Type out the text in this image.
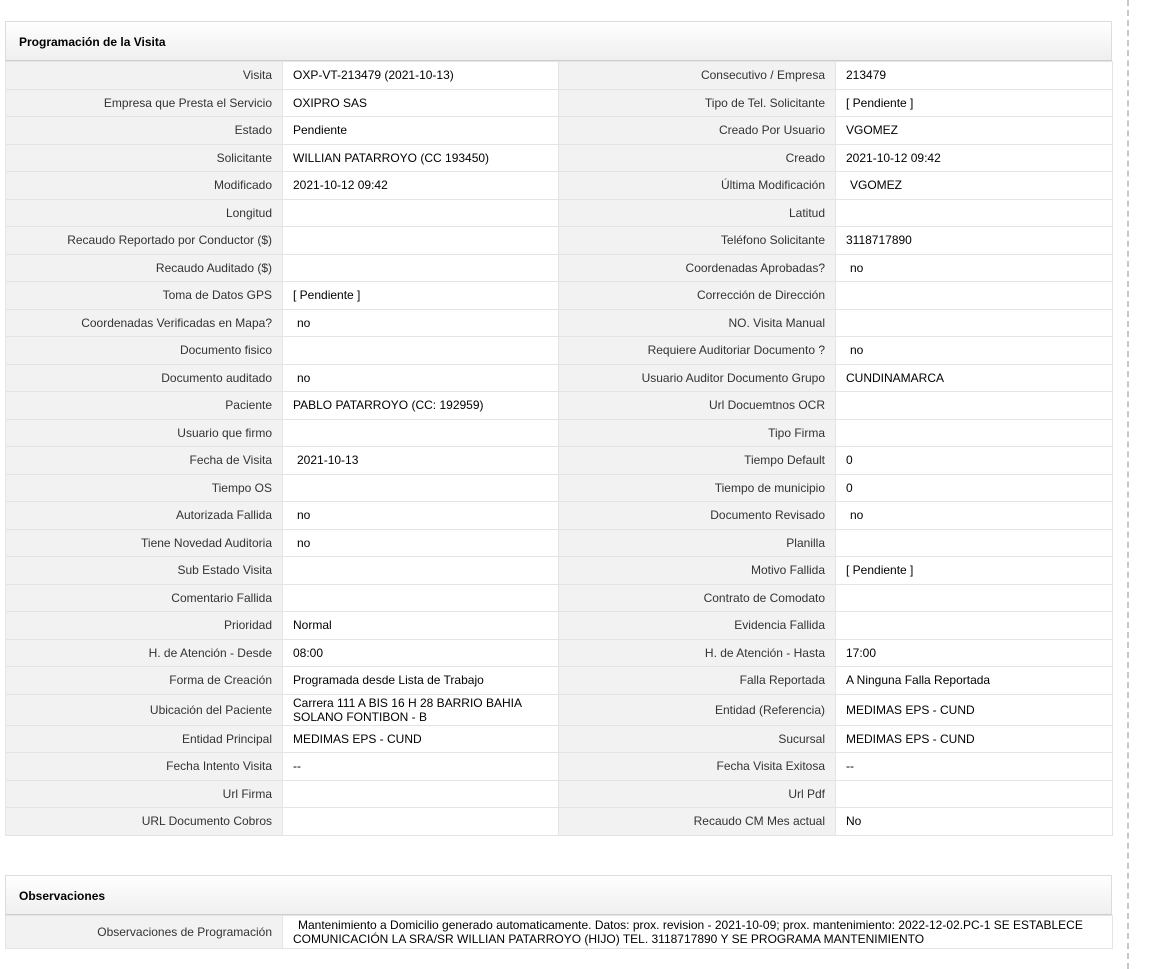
Programación de la Visita
Visita	OXP-VT-213479 (2021-10-13)	Consecutivo / Empresa	213479
Empresa que Presta el Servicio	OXIPRO SAS	Tipo de Tel. Solicitante	[ Pendiente ]
Estado	Pendiente	Creado Por Usuario	VGOMEZ
Solicitante	WILLIAN PATARROYO (CC 193450)	Creado	2021-10-12 09:42
Modificado	2021-10-12 09:42	Última Modificación	VGOMEZ
Longitud		Latitud	
Recaudo Reportado por Conductor ($)		Teléfono Solicitante	3118717890
Recaudo Auditado ($)		Coordenadas Aprobadas?	no
Toma de Datos GPS	[ Pendiente ]	Corrección de Dirección	
Coordenadas Verificadas en Mapa?	no	NO. Visita Manual	
Documento fisico		Requiere Auditoriar Documento ?	no
Documento auditado	no	Usuario Auditor Documento Grupo	CUNDINAMARCA
Paciente	PABLO PATARROYO (CC: 192959)	Url Docuemtnos OCR	
Usuario que firmo		Tipo Firma	
Fecha de Visita	2021-10-13	Tiempo Default	0
Tiempo OS		Tiempo de municipio	0
Autorizada Fallida	no	Documento Revisado	no
Tiene Novedad Auditoria	no	Planilla	
Sub Estado Visita		Motivo Fallida	[ Pendiente ]
Comentario Fallida		Contrato de Comodato	
Prioridad	Normal	Evidencia Fallida	
H. de Atención - Desde	08:00	H. de Atención - Hasta	17:00
Forma de Creación	Programada desde Lista de Trabajo	Falla Reportada	A Ninguna Falla Reportada
Ubicación del Paciente	Carrera 111 A BIS 16 H 28 BARRIO BAHIA SOLANO FONTIBON - B	Entidad (Referencia)	MEDIMAS EPS - CUND
Entidad Principal	MEDIMAS EPS - CUND	Sucursal	MEDIMAS EPS - CUND
Fecha Intento Visita	--	Fecha Visita Exitosa	--
Url Firma		Url Pdf	
URL Documento Cobros		Recaudo CM Mes actual	No
Observaciones
Observaciones de Programación	Mantenimiento a Domicilio generado automaticamente. Datos: prox. revision - 2021-10-09; prox. mantenimiento: 2022-12-02.PC-1 SE ESTABLECE COMUNICACIÓN LA SRA/SR WILLIAN PATARROYO (HIJO) TEL. 3118717890 Y SE PROGRAMA MANTENIMIENTO
